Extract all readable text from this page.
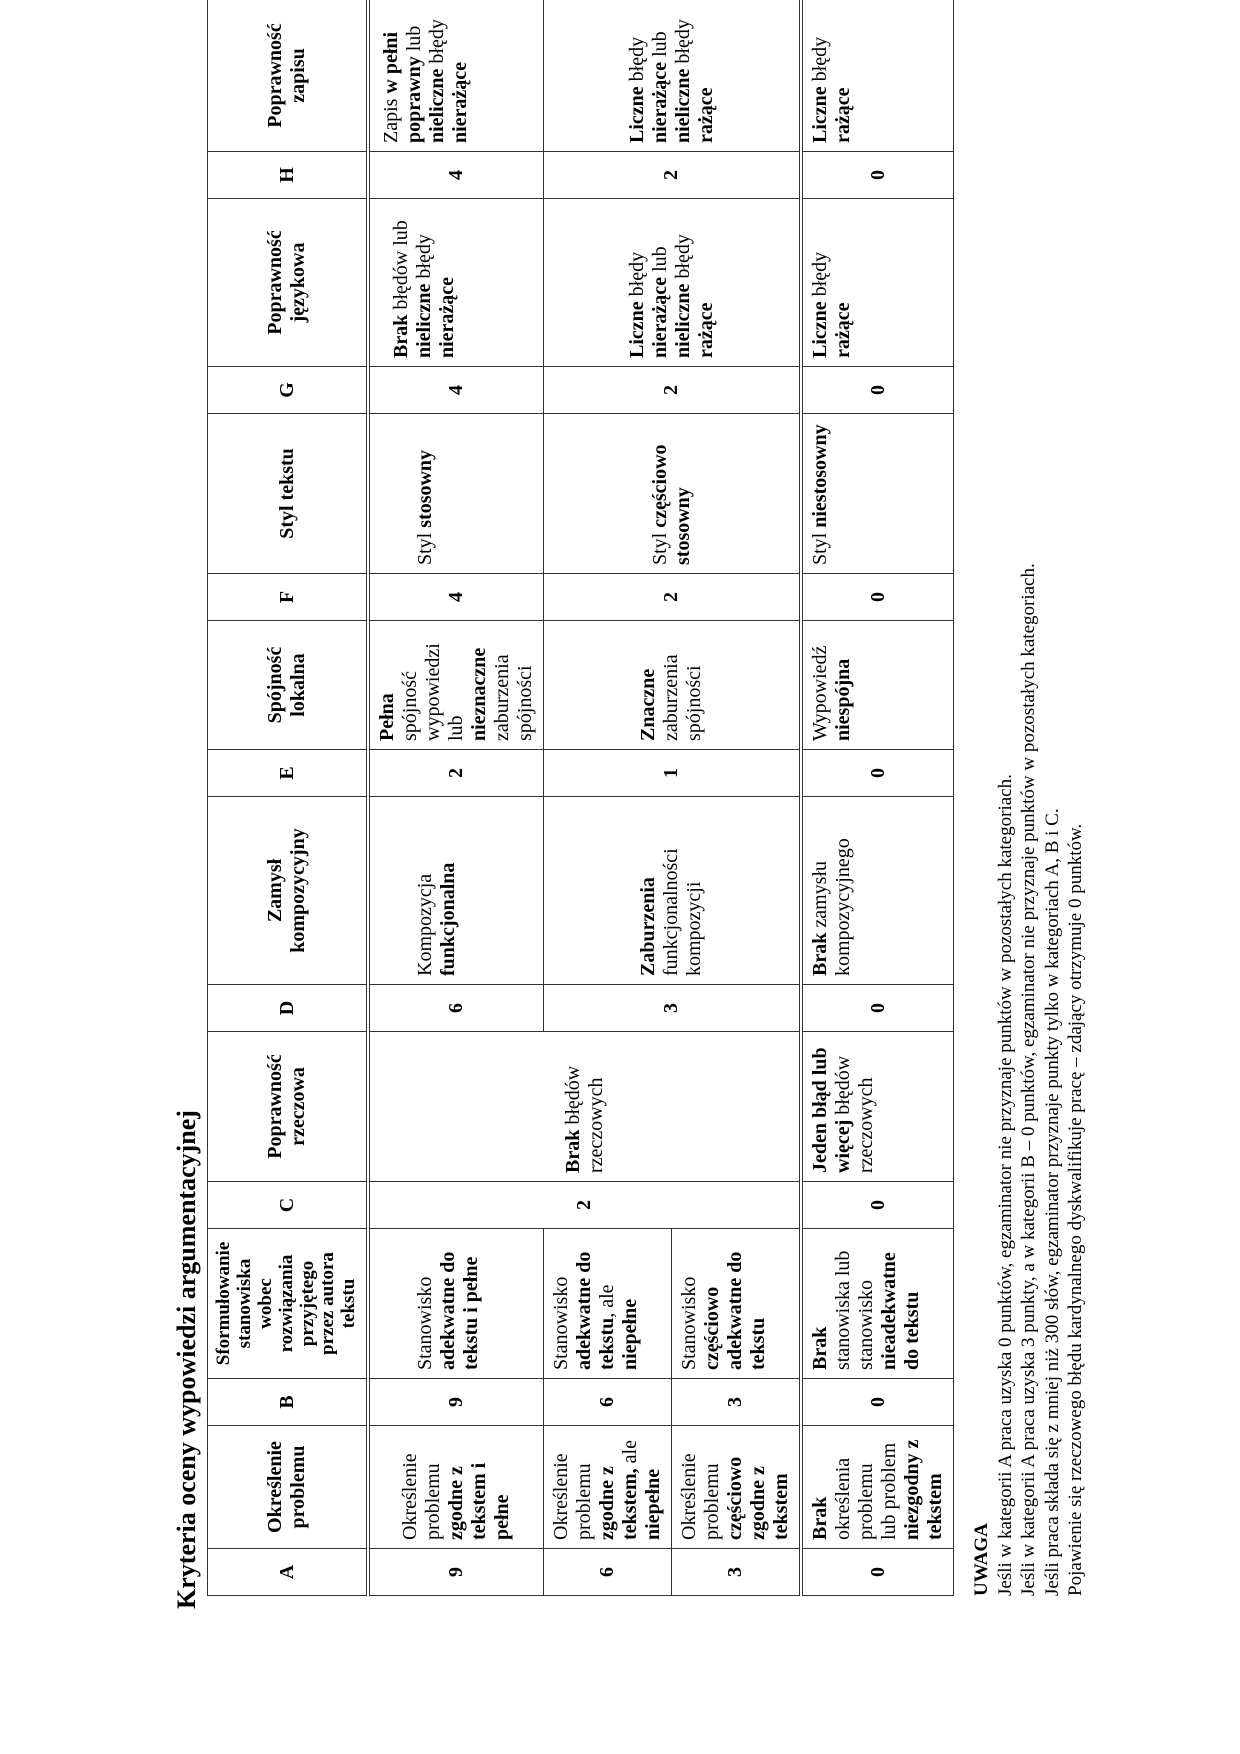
Kryteria oceny wypowiedzi argumentacyjnej	A	Określenie problemu	B	Sformułowanie stanowiska wobec rozwiązania przyjętego przez autora tekstu	C	Poprawność rzeczowa	D	Zamysł kompozycyjny	E	Spójność lokalna	F	Styl tekstu	G	Poprawność językowa	H	Poprawność zapisu
9	Określenie problemu zgodne z tekstem i pełne	9	Stanowisko adekwatne do tekstu i pełne	2	Brak błędów rzeczowych	6	Kompozycja funkcjonalna	2	Pełna spójność wypowiedzi lub nieznaczne zaburzenia spójności	4	Styl stosowny	4	Brak błędów lub nieliczne błędy nierażące	4	Zapis w pełni poprawny lub nieliczne błędy nierażące
6	Określenie problemu zgodne z tekstem, ale niepełne	6	Stanowisko adekwatne do tekstu, ale niepełne			3	Zaburzenia funkcjonalności kompozycji	1	Znaczne zaburzenia spójności	2	Styl częściowo stosowny	2	Liczne błędy nierażące lub nieliczne błędy rażące	2	Liczne błędy nierażące lub nieliczne błędy rażące
3	Określenie problemu częściowo zgodne z tekstem	3	Stanowisko częściowo adekwatne do tekstu												
0	Brak określenia problemu lub problem niezgodny z tekstem	0	Brak stanowiska lub stanowisko nieadekwatne do tekstu	0	Jeden błąd lub więcej błędów rzeczowych	0	Brak zamysłu kompozycyjnego	0	Wypowiedź niespójna	0	Styl niestosowny	0	Liczne błędy rażące	0	Liczne błędy rażące
UWAGA Jeśli w kategorii A praca uzyska 0 punktów, egzaminator nie przyznaje punktów w pozostałych kategoriach. Jeśli w kategorii A praca uzyska 3 punkty, a w kategorii B – 0 punktów, egzaminator nie przyznaje punktów w pozostałych kategoriach. Jeśli praca składa się z mniej niż 300 słów, egzaminator przyznaje punkty tylko w kategoriach A, B i C. Pojawienie się rzeczowego błędu kardynalnego dyskwalifikuje pracę – zdający otrzymuje 0 punktów.
